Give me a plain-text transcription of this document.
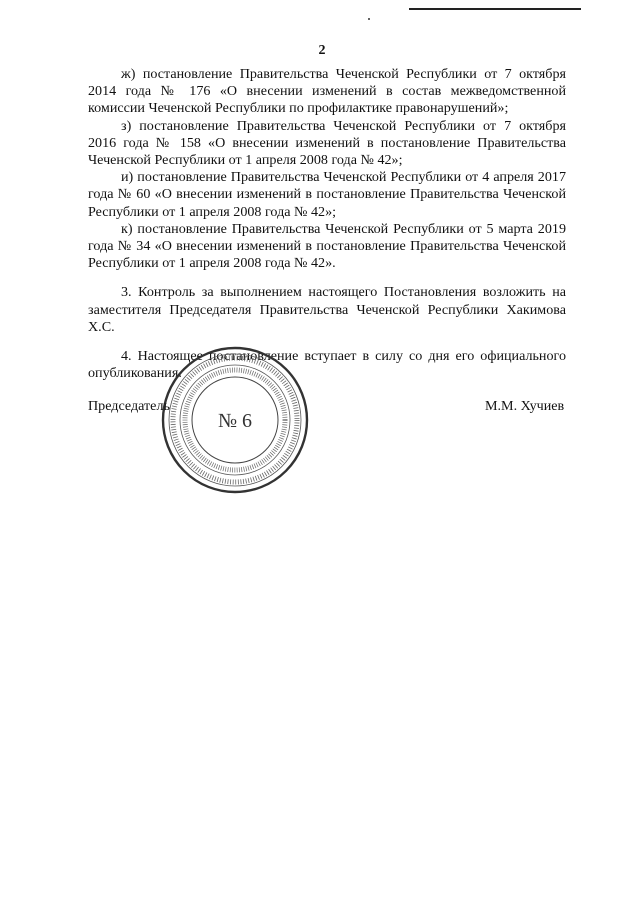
2

ж) постановление Правительства Чеченской Республики от 7 октября 2014 года № 176 «О внесении изменений в состав межведомственной комиссии Чеченской Республики по профилактике правонарушений»;

з) постановление Правительства Чеченской Республики от 7 октября 2016 года № 158 «О внесении изменений в постановление Правительства Чеченской Республики от 1 апреля 2008 года № 42»;

и) постановление Правительства Чеченской Республики от 4 апреля 2017 года № 60 «О внесении изменений в постановление Правительства Чеченской Республики от 1 апреля 2008 года № 42»;

к) постановление Правительства Чеченской Республики от 5 марта 2019 года № 34 «О внесении изменений в постановление Правительства Чеченской Республики от 1 апреля 2008 года № 42».

3. Контроль за выполнением настоящего Постановления возложить на заместителя Председателя Правительства Чеченской Республики Хакимова Х.С.

4. Настоящее постановление вступает в силу со дня его официального опубликования.

№ 6
Председатель	М.М. Хучиев
